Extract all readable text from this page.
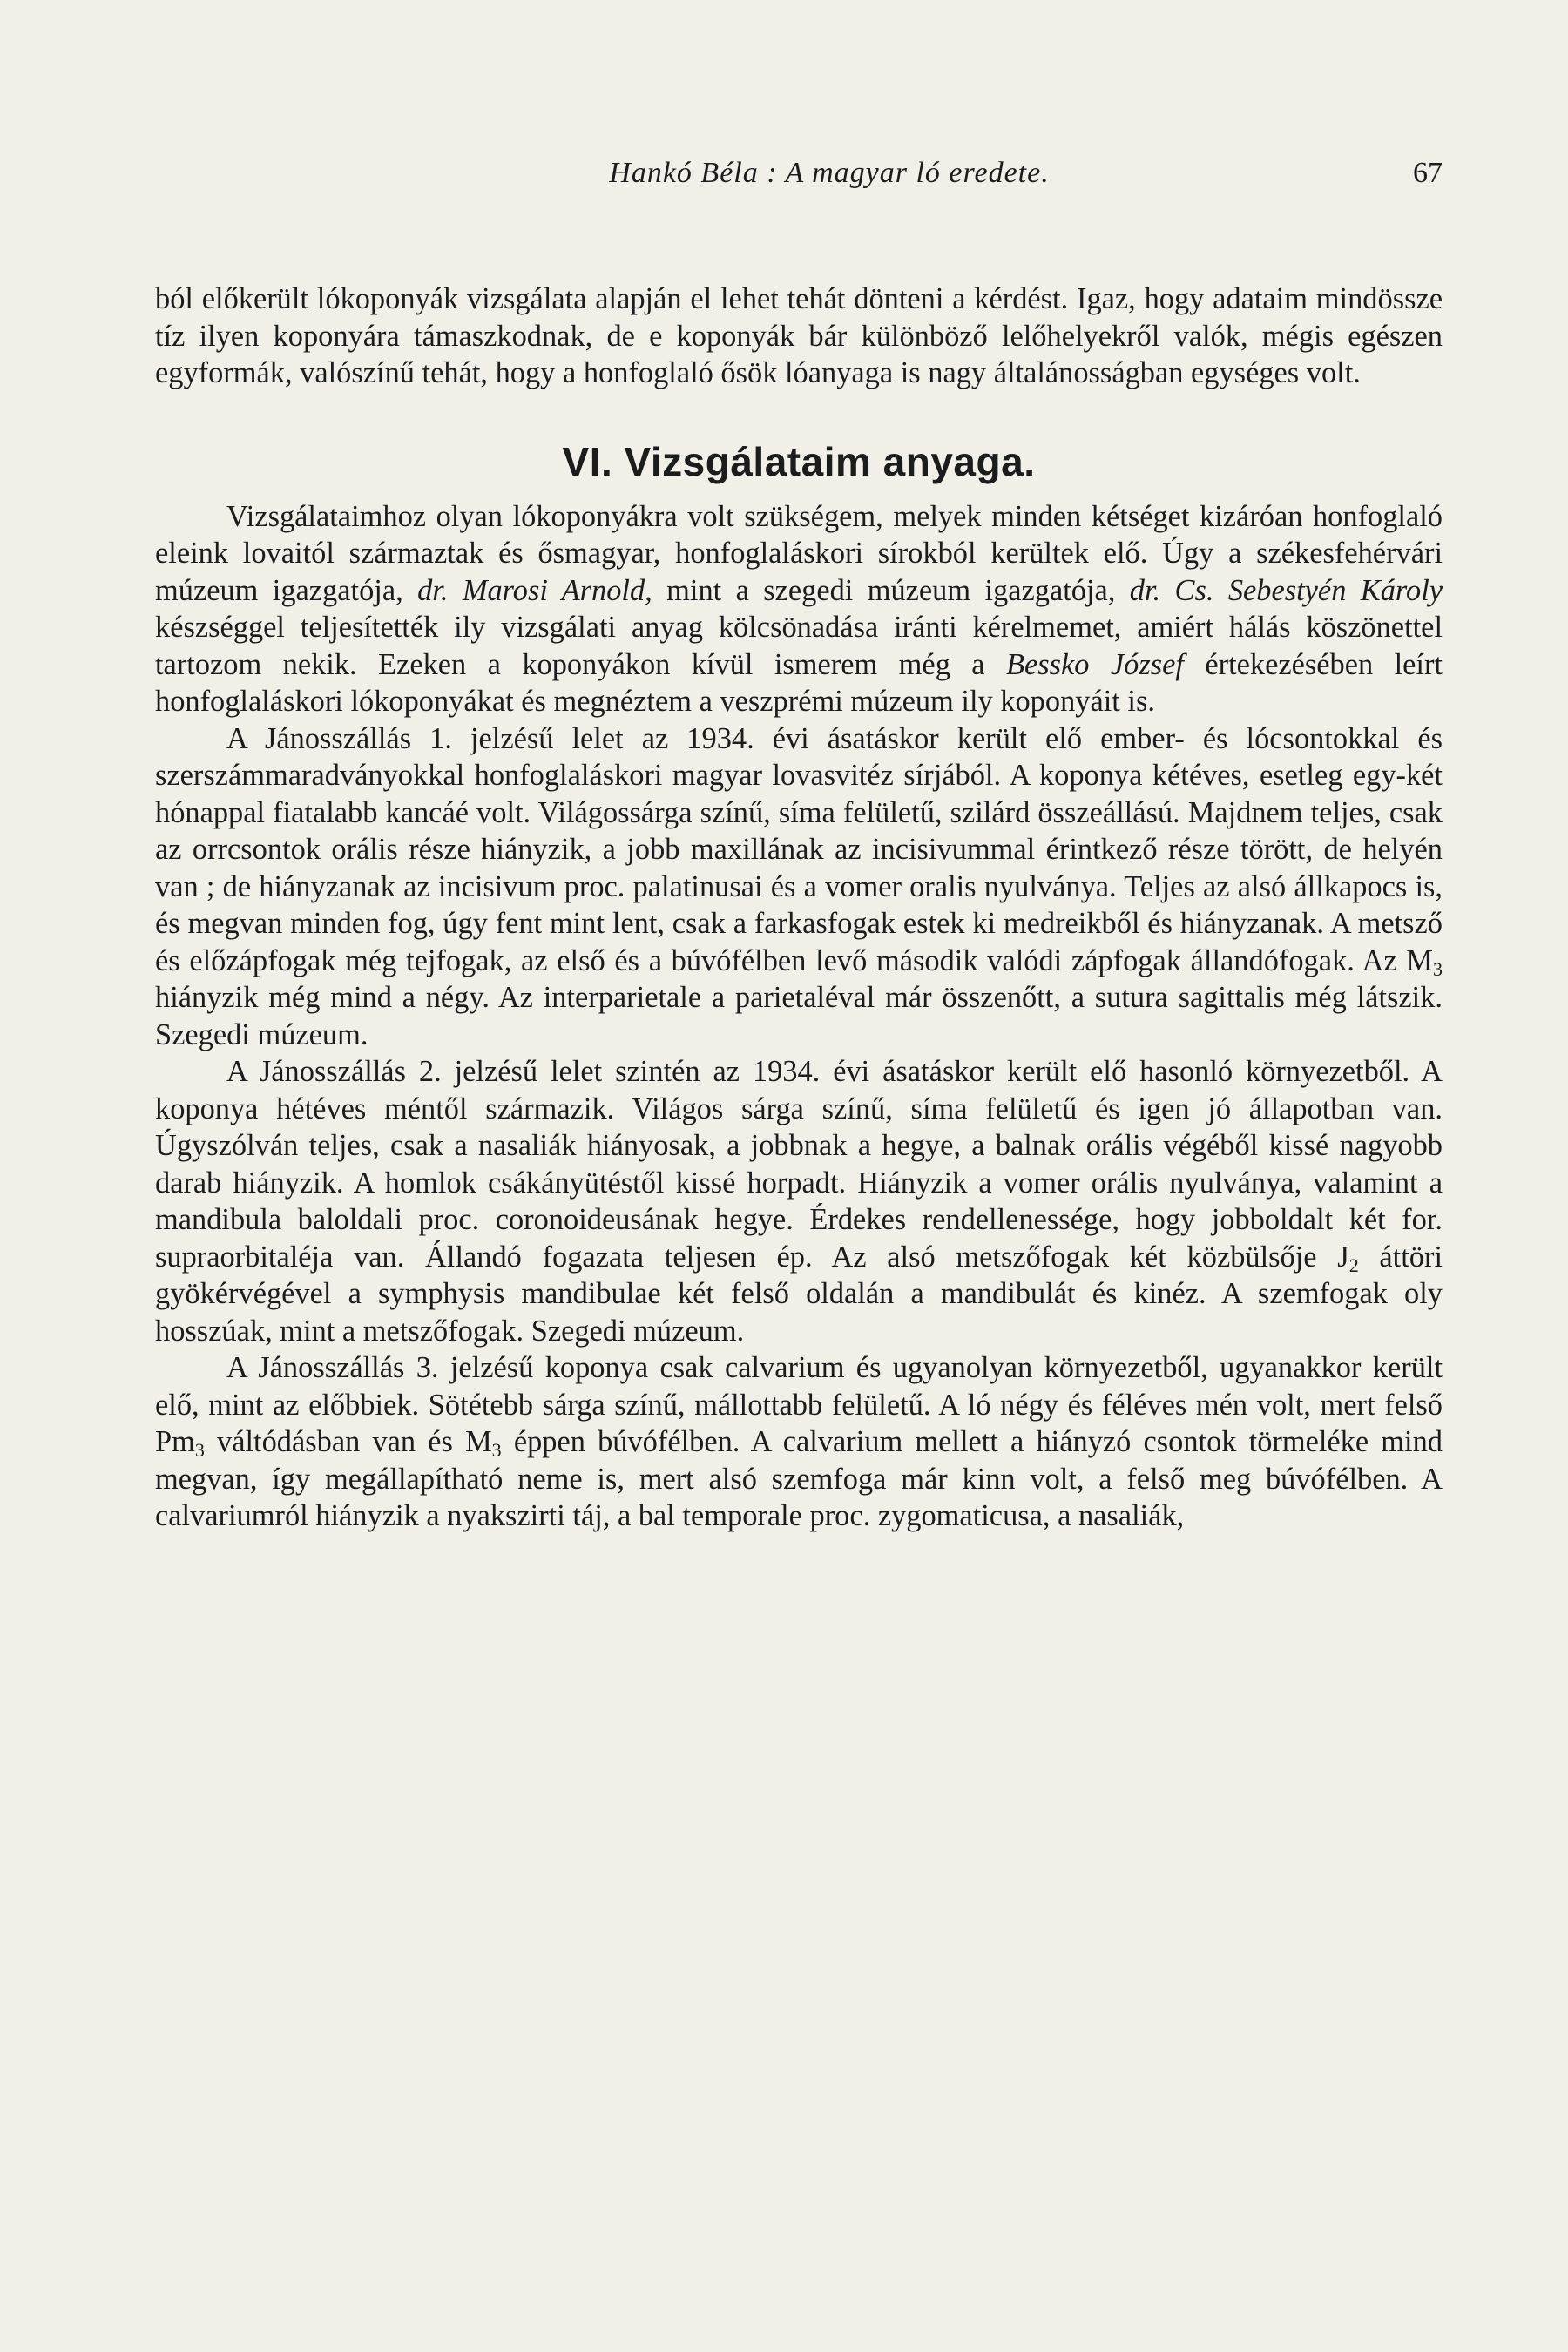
Hankó Béla : A magyar ló eredete.	67

ból előkerült lókoponyák vizsgálata alapján el lehet tehát dönteni a kérdést. Igaz, hogy adataim mindössze tíz ilyen koponyára támaszkodnak, de e koponyák bár különböző lelőhelyekről valók, mégis egészen egyformák, valószínű tehát, hogy a honfoglaló ősök lóanyaga is nagy általánosságban egységes volt.

VI. Vizsgálataim anyaga.

Vizsgálataimhoz olyan lókoponyákra volt szükségem, melyek minden kétséget kizáróan honfoglaló eleink lovaitól származtak és ősmagyar, honfoglaláskori sírokból kerültek elő. Úgy a székesfehérvári múzeum igazgatója, dr. Marosi Arnold, mint a szegedi múzeum igazgatója, dr. Cs. Sebestyén Károly készséggel teljesítették ily vizsgálati anyag kölcsönadása iránti kérelmemet, amiért hálás köszönettel tartozom nekik. Ezeken a koponyákon kívül ismerem még a Bessko József értekezésében leírt honfoglaláskori lókoponyákat és megnéztem a veszprémi múzeum ily koponyáit is.

A Jánosszállás 1. jelzésű lelet az 1934. évi ásatáskor került elő ember- és lócsontokkal és szerszámmaradványokkal honfoglaláskori magyar lovasvitéz sírjából. A koponya kétéves, esetleg egy-két hónappal fiatalabb kancáé volt. Világossárga színű, síma felületű, szilárd összeállású. Majdnem teljes, csak az orrcsontok orális része hiányzik, a jobb maxillának az incisivummal érintkező része törött, de helyén van ; de hiányzanak az incisivum proc. palatinusai és a vomer oralis nyulványa. Teljes az alsó állkapocs is, és megvan minden fog, úgy fent mint lent, csak a farkasfogak estek ki medreikből és hiányzanak. A metsző és előzápfogak még tejfogak, az első és a búvófélben levő második valódi zápfogak állandófogak. Az $M_3$ hiányzik még mind a négy. Az interparietale a parietaléval már összenőtt, a sutura sagittalis még látszik. Szegedi múzeum.

A Jánosszállás 2. jelzésű lelet szintén az 1934. évi ásatáskor került elő hasonló környezetből. A koponya hétéves méntől származik. Világos sárga színű, síma felületű és igen jó állapotban van. Úgyszólván teljes, csak a nasaliák hiányosak, a jobbnak a hegye, a balnak orális végéből kissé nagyobb darab hiányzik. A homlok csákányütéstől kissé horpadt. Hiányzik a vomer orális nyulványa, valamint a mandibula baloldali proc. coronoideusának hegye. Érdekes rendellenessége, hogy jobboldalt két for. supraorbitaléja van. Állandó fogazata teljesen ép. Az alsó metszőfogak két közbülsője $J_2$ áttöri gyökérvégével a symphysis mandibulae két felső oldalán a mandibulát és kinéz. A szemfogak oly hosszúak, mint a metszőfogak. Szegedi múzeum.

A Jánosszállás 3. jelzésű koponya csak calvarium és ugyanolyan környezetből, ugyanakkor került elő, mint az előbbiek. Sötétebb sárga színű, mállottabb felületű. A ló négy és féléves mén volt, mert felső $Pm_3$ váltódásban van és $M_3$ éppen búvófélben. A calvarium mellett a hiányzó csontok törmeléke mind megvan, így megállapítható neme is, mert alsó szemfoga már kinn volt, a felső meg búvófélben. A calvariumról hiányzik a nyakszirti táj, a bal temporale proc. zygomaticusa, a nasaliák,
